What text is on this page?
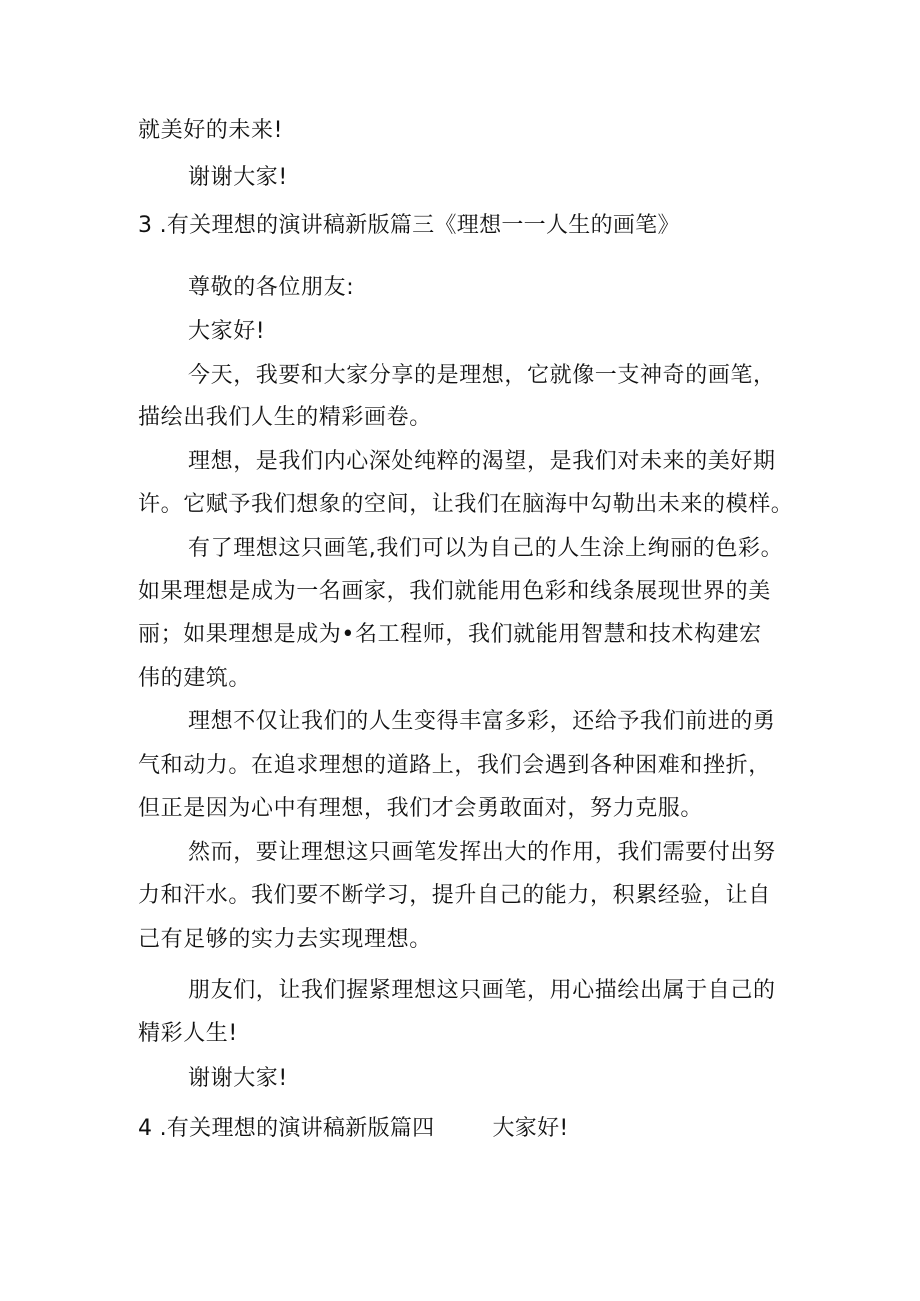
就美好的未来!
谢谢大家!
3 .有关理想的演讲稿新版篇三《理想一一人生的画笔》
尊敬的各位朋友:
大家好!
今天，我要和大家分享的是理想，它就像一支神奇的画笔，
描绘出我们人生的精彩画卷。
理想，是我们内心深处纯粹的渴望，是我们对未来的美好期
许。它赋予我们想象的空间，让我们在脑海中勾勒出未来的模样。
有了理想这只画笔,我们可以为自己的人生涂上绚丽的色彩。
如果理想是成为一名画家，我们就能用色彩和线条展现世界的美
丽；如果理想是成为•名工程师，我们就能用智慧和技术构建宏
伟的建筑。
理想不仅让我们的人生变得丰富多彩，还给予我们前进的勇
气和动力。在追求理想的道路上，我们会遇到各种困难和挫折，
但正是因为心中有理想，我们才会勇敢面对，努力克服。
然而，要让理想这只画笔发挥出大的作用，我们需要付出努
力和汗水。我们要不断学习，提升自己的能力，积累经验，让自
己有足够的实力去实现理想。
朋友们，让我们握紧理想这只画笔，用心描绘出属于自己的
精彩人生!
谢谢大家!
4 .有关理想的演讲稿新版篇四	大家好!
